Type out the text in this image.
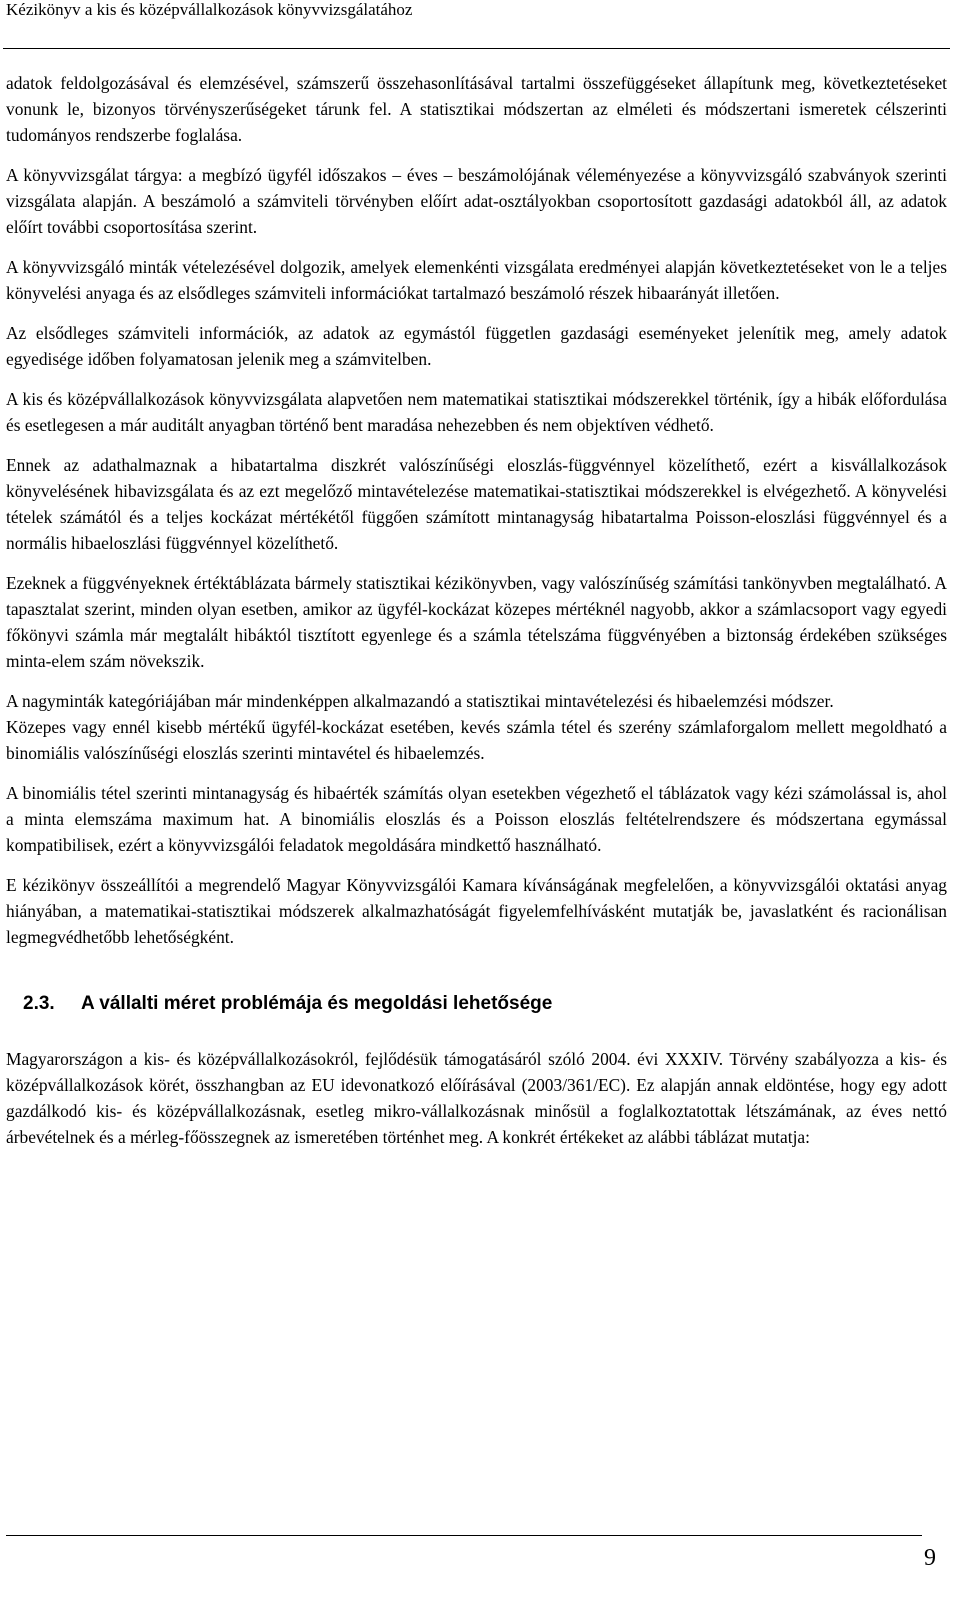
Kézikönyv a kis és középvállalkozások könyvvizsgálatához

adatok feldolgozásával és elemzésével, számszerű összehasonlításával tartalmi összefüggéseket állapítunk meg, következtetéseket vonunk le, bizonyos törvényszerűségeket tárunk fel. A statisztikai módszertan az elméleti és módszertani ismeretek célszerinti tudományos rendszerbe foglalása.

A könyvvizsgálat tárgya: a megbízó ügyfél időszakos – éves – beszámolójának véleményezése a könyvvizsgáló szabványok szerinti vizsgálata alapján. A beszámoló a számviteli törvényben előírt adat-osztályokban csoportosított gazdasági adatokból áll, az adatok előírt további csoportosítása szerint.

A könyvvizsgáló minták vételezésével dolgozik, amelyek elemenkénti vizsgálata eredményei alapján következtetéseket von le a teljes könyvelési anyaga és az elsődleges számviteli információkat tartalmazó beszámoló részek hibaarányát illetően.

Az elsődleges számviteli információk, az adatok az egymástól független gazdasági eseményeket jelenítik meg, amely adatok egyedisége időben folyamatosan jelenik meg a számvitelben.

A kis és középvállalkozások könyvvizsgálata alapvetően nem matematikai statisztikai módszerekkel történik, így a hibák előfordulása és esetlegesen a már auditált anyagban történő bent maradása nehezebben és nem objektíven védhető.

Ennek az adathalmaznak a hibatartalma diszkrét valószínűségi eloszlás-függvénnyel közelíthető, ezért a kisvállalkozások könyvelésének hibavizsgálata és az ezt megelőző mintavételezése matematikai-statisztikai módszerekkel is elvégezhető. A könyvelési tételek számától és a teljes kockázat mértékétől függően számított mintanagyság hibatartalma Poisson-eloszlási függvénnyel és a normális hibaeloszlási függvénnyel közelíthető.

Ezeknek a függvényeknek értéktáblázata bármely statisztikai kézikönyvben, vagy valószínűség számítási tankönyvben megtalálható. A tapasztalat szerint, minden olyan esetben, amikor az ügyfél-kockázat közepes mértéknél nagyobb, akkor a számlacsoport vagy egyedi főkönyvi számla már megtalált hibáktól tisztított egyenlege és a számla tételszáma függvényében a biztonság érdekében szükséges minta-elem szám növekszik.

A nagyminták kategóriájában már mindenképpen alkalmazandó a statisztikai mintavételezési és hibaelemzési módszer.

Közepes vagy ennél kisebb mértékű ügyfél-kockázat esetében, kevés számla tétel és szerény számlaforgalom mellett megoldható a binomiális valószínűségi eloszlás szerinti mintavétel és hibaelemzés.

A binomiális tétel szerinti mintanagyság és hibaérték számítás olyan esetekben végezhető el táblázatok vagy kézi számolással is, ahol a minta elemszáma maximum hat. A binomiális eloszlás és a Poisson eloszlás feltételrendszere és módszertana egymással kompatibilisek, ezért a könyvvizsgálói feladatok megoldására mindkettő használható.

E kézikönyv összeállítói a megrendelő Magyar Könyvvizsgálói Kamara kívánságának megfelelően, a könyvvizsgálói oktatási anyag hiányában, a matematikai-statisztikai módszerek alkalmazhatóságát figyelemfelhívásként mutatják be, javaslatként és racionálisan legmegvédhetőbb lehetőségként.

2.3. A vállalti méret problémája és megoldási lehetősége

Magyarországon a kis- és középvállalkozásokról, fejlődésük támogatásáról szóló 2004. évi XXXIV. Törvény szabályozza a kis- és középvállalkozások körét, összhangban az EU idevonatkozó előírásával (2003/361/EC). Ez alapján annak eldöntése, hogy egy adott gazdálkodó kis- és középvállalkozásnak, esetleg mikro-vállalkozásnak minősül a foglalkoztatottak létszámának, az éves nettó árbevételnek és a mérleg-főösszegnek az ismeretében történhet meg. A konkrét értékeket az alábbi táblázat mutatja:

9
